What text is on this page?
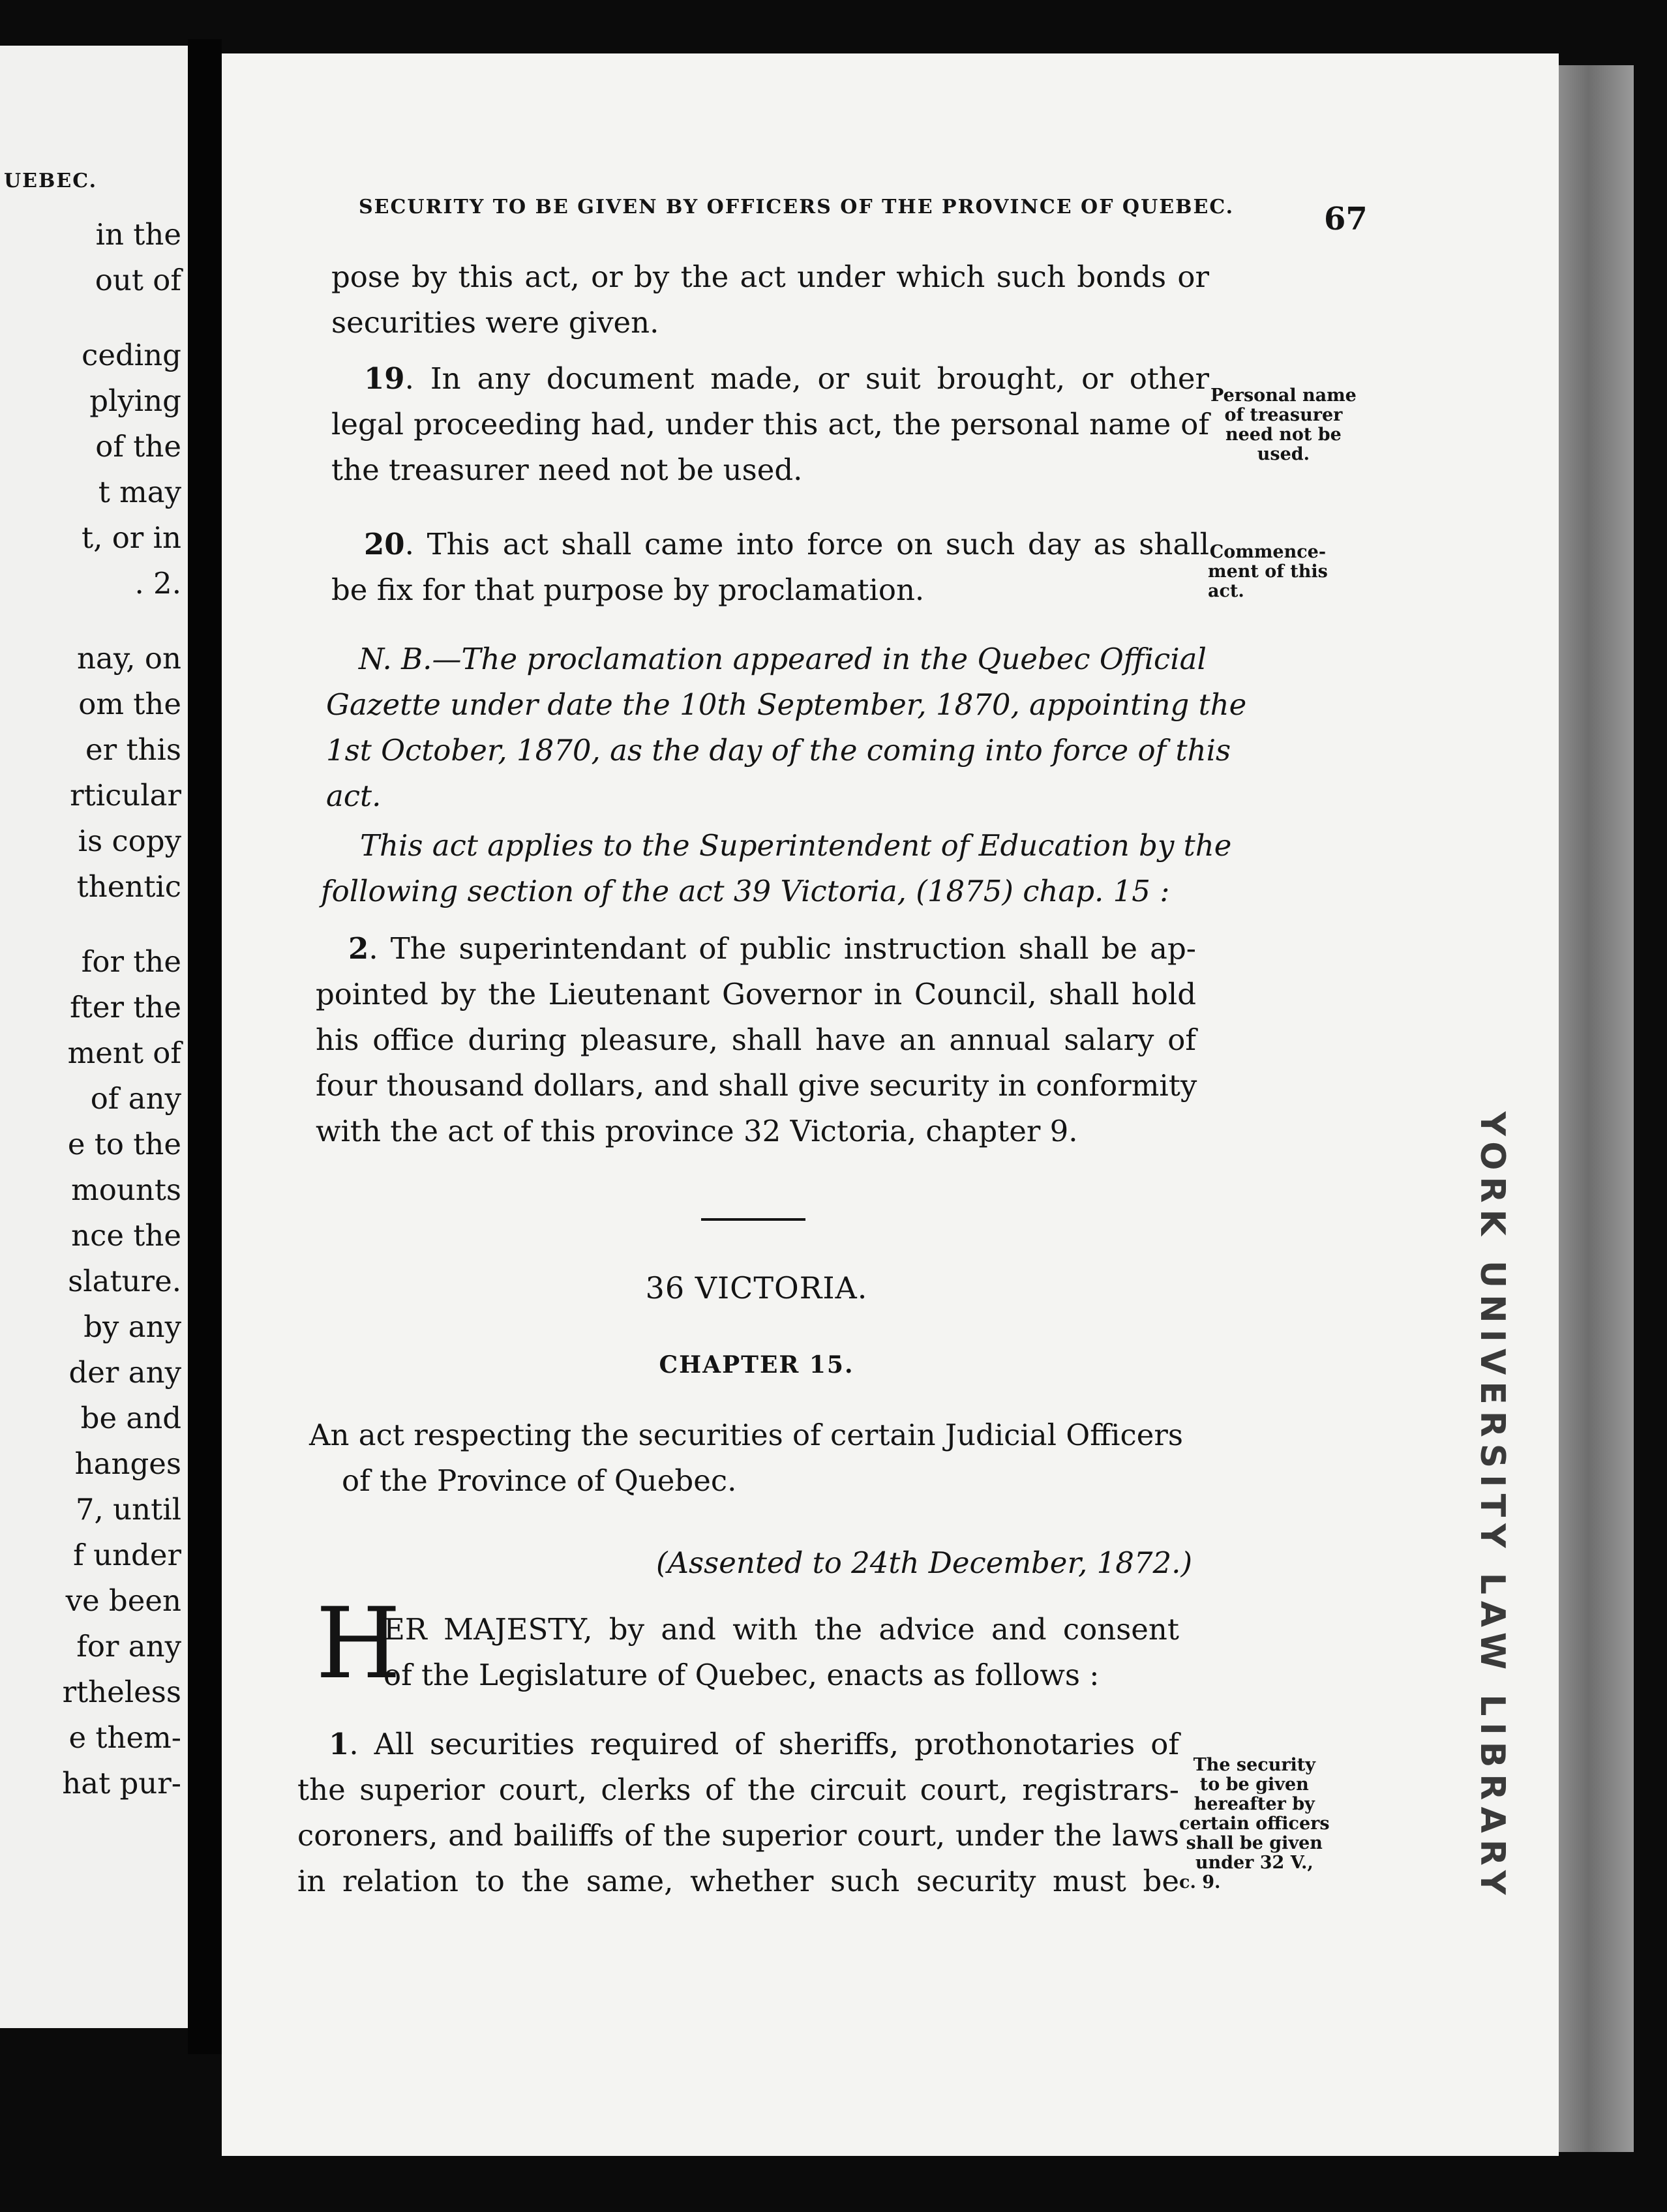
UEBEC.
in the
out of
ceding
plying
of the
t may
t, or in
. 2.
nay, on
om the
er this
rticular
is copy
thentic
for the
fter the
ment of
of any
e to the
mounts
nce the
slature.
by any
der any
be and
hanges
7, until
f under
ve been
for any
rtheless
e them-
hat pur-	YORK UNIVERSITY LAW LIBRARY
SECURITY TO BE GIVEN BY OFFICERS OF THE PROVINCE OF QUEBEC.	67
pose by this act, or by the act under which such bonds or
securities were given.
19. In any document made, or suit brought, or other
legal proceeding had, under this act, the personal name of
the treasurer need not be used.
Personal name
of treasurer
need not be
used.
20. This act shall came into force on such day as shall
be fix for that purpose by proclamation.
Commence-
ment of this
act.
N. B.—The proclamation appeared in the Quebec Official
Gazette under date the 10th September, 1870, appointing the
1st October, 1870, as the day of the coming into force of this
act.
This act applies to the Superintendent of Education by the
following section of the act 39 Victoria, (1875) chap. 15 :
2. The superintendant of public instruction shall be ap-
pointed by the Lieutenant Governor in Council, shall hold
his office during pleasure, shall have an annual salary of
four thousand dollars, and shall give security in conformity
with the act of this province 32 Victoria, chapter 9.
36 VICTORIA.
CHAPTER 15.
An act respecting the securities of certain Judicial Officers
of the Province of Quebec.
(Assented to 24th December, 1872.)
H
ER MAJESTY, by and with the advice and consent
of the Legislature of Quebec, enacts as follows :
1. All securities required of sheriffs, prothonotaries of
the superior court, clerks of the circuit court, registrars-
coroners, and bailiffs of the superior court, under the laws
in relation to the same, whether such security must be
The security
to be given
hereafter by
certain officers
shall be given
under 32 V.,
c. 9.
